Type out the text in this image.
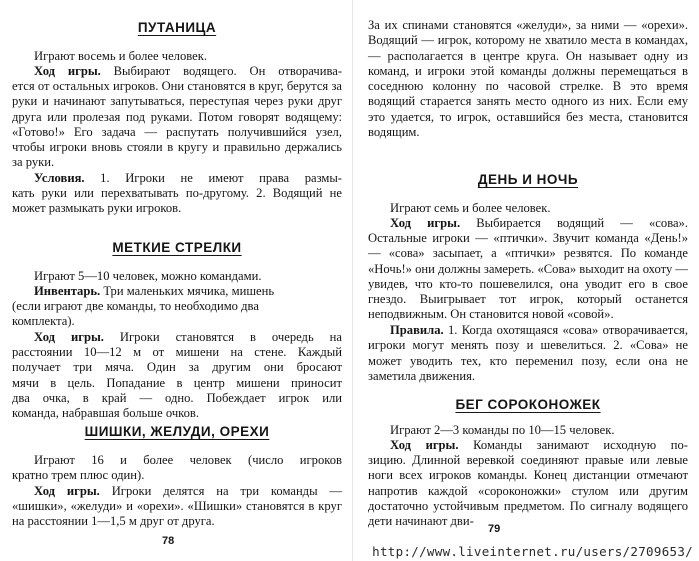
ПУТАНИЦА

Играют восемь и более человек.

Ход игры. Выбирают водящего. Он отворачива-

ется от остальных игроков. Они становятся в круг, берутся за руки и начинают запутываться, переступая через руки друг друга или пролезая под руками. Потом говорят водящему: «Готово!» Его задача — распутать получившийся узел, чтобы игроки вновь стояли в кругу и правильно держались за руки.

Условия. 1. Игроки не имеют права размы-

кать руки или перехватывать по-другому. 2. Водящий не может размыкать руки игроков.
МЕТКИЕ СТРЕЛКИ

Играют 5—10 человек, можно командами.

Инвентарь. Три маленьких мячика, мишень

(если играют две команды, то необходимо два
комплекта).

Ход игры. Игроки становятся в очередь на

расстоянии 10—12 м от мишени на стене. Каждый
получает три мяча. Один за другим они бросают
мячи в цель. Попадание в центр мишени приносит
два очка, в край — одно. Побеждает игрок или
команда, набравшая больше очков.
ШИШКИ, ЖЕЛУДИ, ОРЕХИ

Играют 16 и более человек (число игроков
кратно трем плюс один).

Ход игры. Игроки делятся на три команды —

«шишки», «желуди» и «орехи». «Шишки» становятся в круг на расстоянии 1—1,5 м друг от друга.
78
За их спинами становятся «желуди», за ними — «орехи». Водящий — игрок, которому не хватило места в командах, — располагается в центре круга. Он называет одну из команд, и игроки этой команды должны перемещаться в соседнюю колонну по часовой стрелке. В это время водящий старается занять место одного из них. Если ему это удается, то игрок, оставшийся без места, становится водящим.
ДЕНЬ И НОЧЬ

Играют семь и более человек.

Ход игры. Выбирается водящий — «сова».

Остальные игроки — «птички». Звучит команда «День!» — «сова» засыпает, а «птички» резвятся. По команде «Ночь!» они должны замереть. «Сова» выходит на охоту — увидев, что кто-то пошевелился, она уводит его в свое гнездо. Выигрывает тот игрок, который останется неподвижным. Он становится новой «совой».
Правила. 1. Когда охотящаяся «сова» отворачивается, игроки могут менять позу и шевелиться. 2. «Сова» не может уводить тех, кто переменил позу, если она не заметила движения.
БЕГ СОРОКОНОЖЕК

Играют 2—3 команды по 10—15 человек.

Ход игры. Команды занимают исходную по-

зицию. Длинной веревкой соединяют правые или левые ноги всех игроков команды. Конец дистанции отмечают напротив каждой «сороконожки» стулом или другим достаточно устойчивым предметом. По сигналу водящего дети начинают дви-
79
http://www.liveinternet.ru/users/2709653/
